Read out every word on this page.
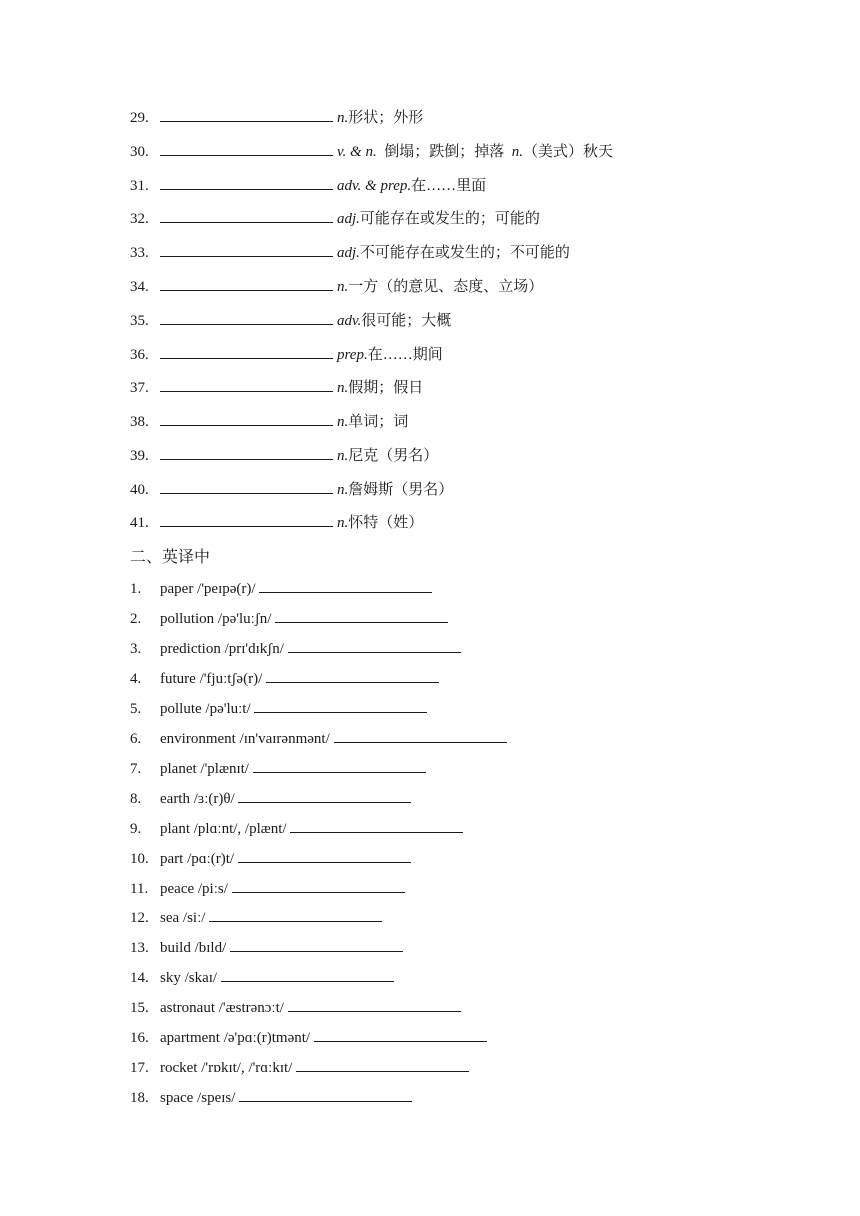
29.	n. 形状；外形
30.	v. & n. 倒塌；跌倒；掉落 n. （美式）秋天
31.	adv. & prep. 在……里面
32.	adj. 可能存在或发生的；可能的
33.	adj. 不可能存在或发生的；不可能的
34.	n. 一方（的意见、态度、立场）
35.	adv. 很可能；大概
36.	prep. 在……期间
37.	n. 假期；假日
38.	n. 单词；词
39.	n. 尼克（男名）
40.	n. 詹姆斯（男名）
41.	n. 怀特（姓）
二、英译中
1.	paper /'peɪpə(r)/
2.	pollution /pə'luːʃn/
3.	prediction /prɪ'dɪkʃn/
4.	future /'fjuːtʃə(r)/
5.	pollute /pə'luːt/
6.	environment /ɪn'vaɪrənmənt/
7.	planet /'plænɪt/
8.	earth /ɜː(r)θ/
9.	plant /plɑːnt/, /plænt/
10. part /pɑː(r)t/
11. peace /piːs/
12. sea /siː/
13. build /bɪld/
14. sky /skaɪ/
15. astronaut /'æstrənɔːt/
16. apartment /ə'pɑː(r)tmənt/
17. rocket /'rɒkɪt/, /'rɑːkɪt/
18. space /speɪs/
